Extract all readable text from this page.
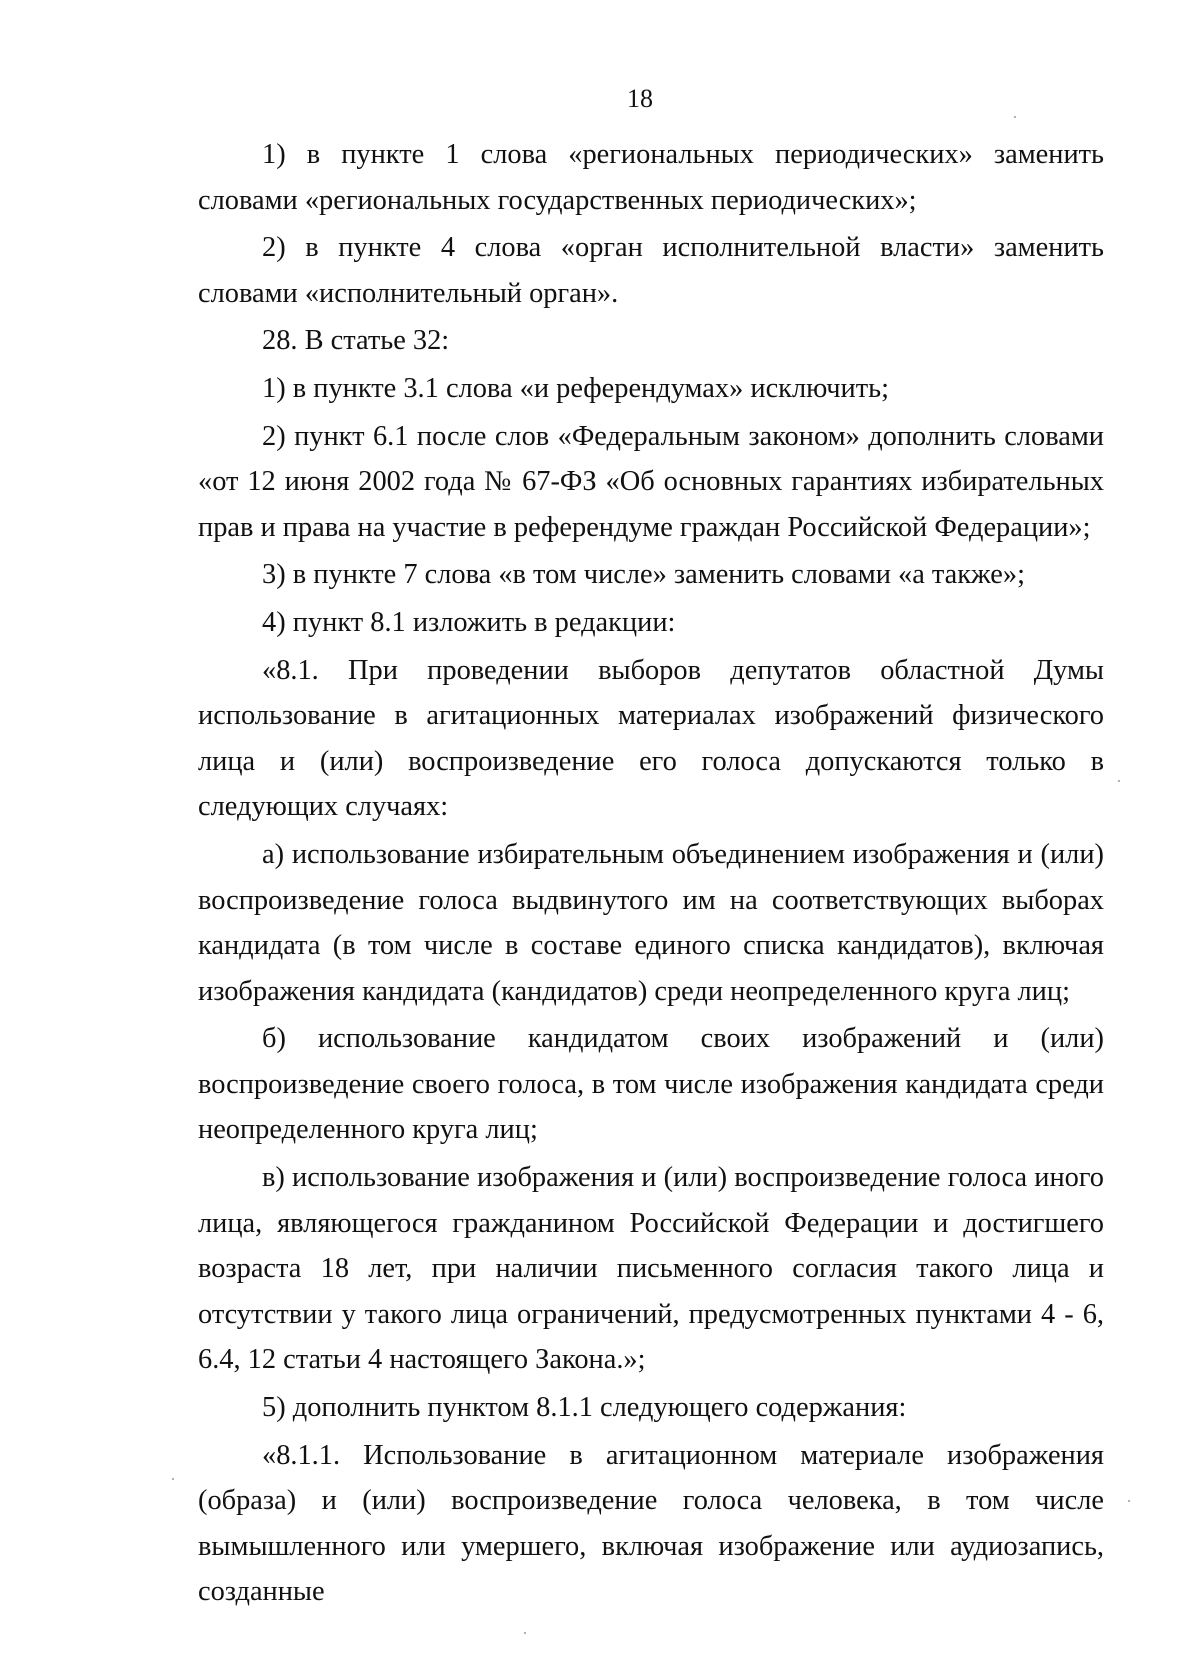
18

1) в пункте 1 слова «региональных периодических» заменить словами «региональных государственных периодических»;

2) в пункте 4 слова «орган исполнительной власти» заменить словами «исполнительный орган».

28. В статье 32:

1) в пункте 3.1 слова «и референдумах» исключить;

2) пункт 6.1 после слов «Федеральным законом» дополнить словами «от 12 июня 2002 года № 67-ФЗ «Об основных гарантиях избирательных прав и права на участие в референдуме граждан Российской Федерации»;

3) в пункте 7 слова «в том числе» заменить словами «а также»;

4) пункт 8.1 изложить в редакции:

«8.1. При проведении выборов депутатов областной Думы использование в агитационных материалах изображений физического лица и (или) воспроизведение его голоса допускаются только в следующих случаях:

а) использование избирательным объединением изображения и (или) воспроизведение голоса выдвинутого им на соответствующих выборах кандидата (в том числе в составе единого списка кандидатов), включая изображения кандидата (кандидатов) среди неопределенного круга лиц;

б) использование кандидатом своих изображений и (или) воспроизведение своего голоса, в том числе изображения кандидата среди неопределенного круга лиц;

в) использование изображения и (или) воспроизведение голоса иного лица, являющегося гражданином Российской Федерации и достигшего возраста 18 лет, при наличии письменного согласия такого лица и отсутствии у такого лица ограничений, предусмотренных пунктами 4 - 6, 6.4, 12 статьи 4 настоящего Закона.»;

5) дополнить пунктом 8.1.1 следующего содержания:

«8.1.1. Использование в агитационном материале изображения (образа) и (или) воспроизведение голоса человека, в том числе вымышленного или умершего, включая изображение или аудиозапись, созданные
